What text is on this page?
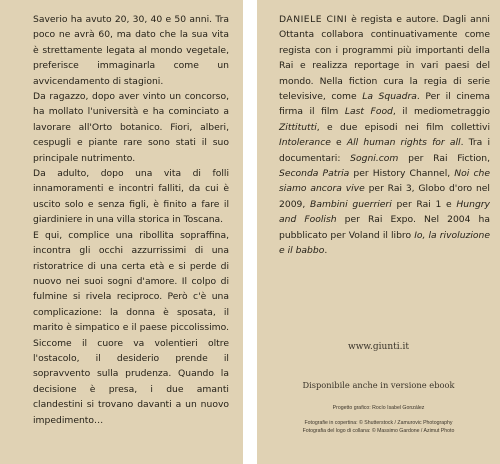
Saverio ha avuto 20, 30, 40 e 50 anni. Tra poco ne avrà 60, ma dato che la sua vita è strettamente legata al mondo vegetale, preferisce immaginarla come un avvicendamento di stagioni.

Da ragazzo, dopo aver vinto un concorso, ha mollato l'università e ha cominciato a lavorare all'Orto botanico. Fiori, alberi, cespugli e piante rare sono stati il suo principale nutrimento.

Da adulto, dopo una vita di folli innamoramenti e incontri falliti, da cui è uscito solo e senza figli, è finito a fare il giardiniere in una villa storica in Toscana.

E qui, complice una ribollita sopraffina, incontra gli occhi azzurrissimi di una ristoratrice di una certa età e si perde di nuovo nei suoi sogni d'amore. Il colpo di fulmine si rivela reciproco. Però c'è una complicazione: la donna è sposata, il marito è simpatico e il paese piccolissimo. Siccome il cuore va volentieri oltre l'ostacolo, il desiderio prende il sopravvento sulla prudenza. Quando la decisione è presa, i due amanti clandestini si trovano davanti a un nuovo impedimento…

DANIELE CINI è regista e autore. Dagli anni Ottanta collabora continuativamente come regista con i programmi più importanti della Rai e realizza reportage in vari paesi del mondo. Nella fiction cura la regia di serie televisive, come La Squadra. Per il cinema firma il film Last Food, il mediometraggio Zittitutti, e due episodi nei film collettivi Intolerance e All human rights for all. Tra i documentari: Sogni.com per Rai Fiction, Seconda Patria per History Channel, Noi che siamo ancora vive per Rai 3, Globo d'oro nel 2009, Bambini guerrieri per Rai 1 e Hungry and Foolish per Rai Expo. Nel 2004 ha pubblicato per Voland il libro Io, la rivoluzione e il babbo.

www.giunti.it
Disponibile anche in versione ebook
Progetto grafico: Rocío Isabel González
Fotografie in copertina: © Shutterstock / Zamurovic Photography
Fotografia del logo di collana: © Massimo Gardone / Azimut Photo
